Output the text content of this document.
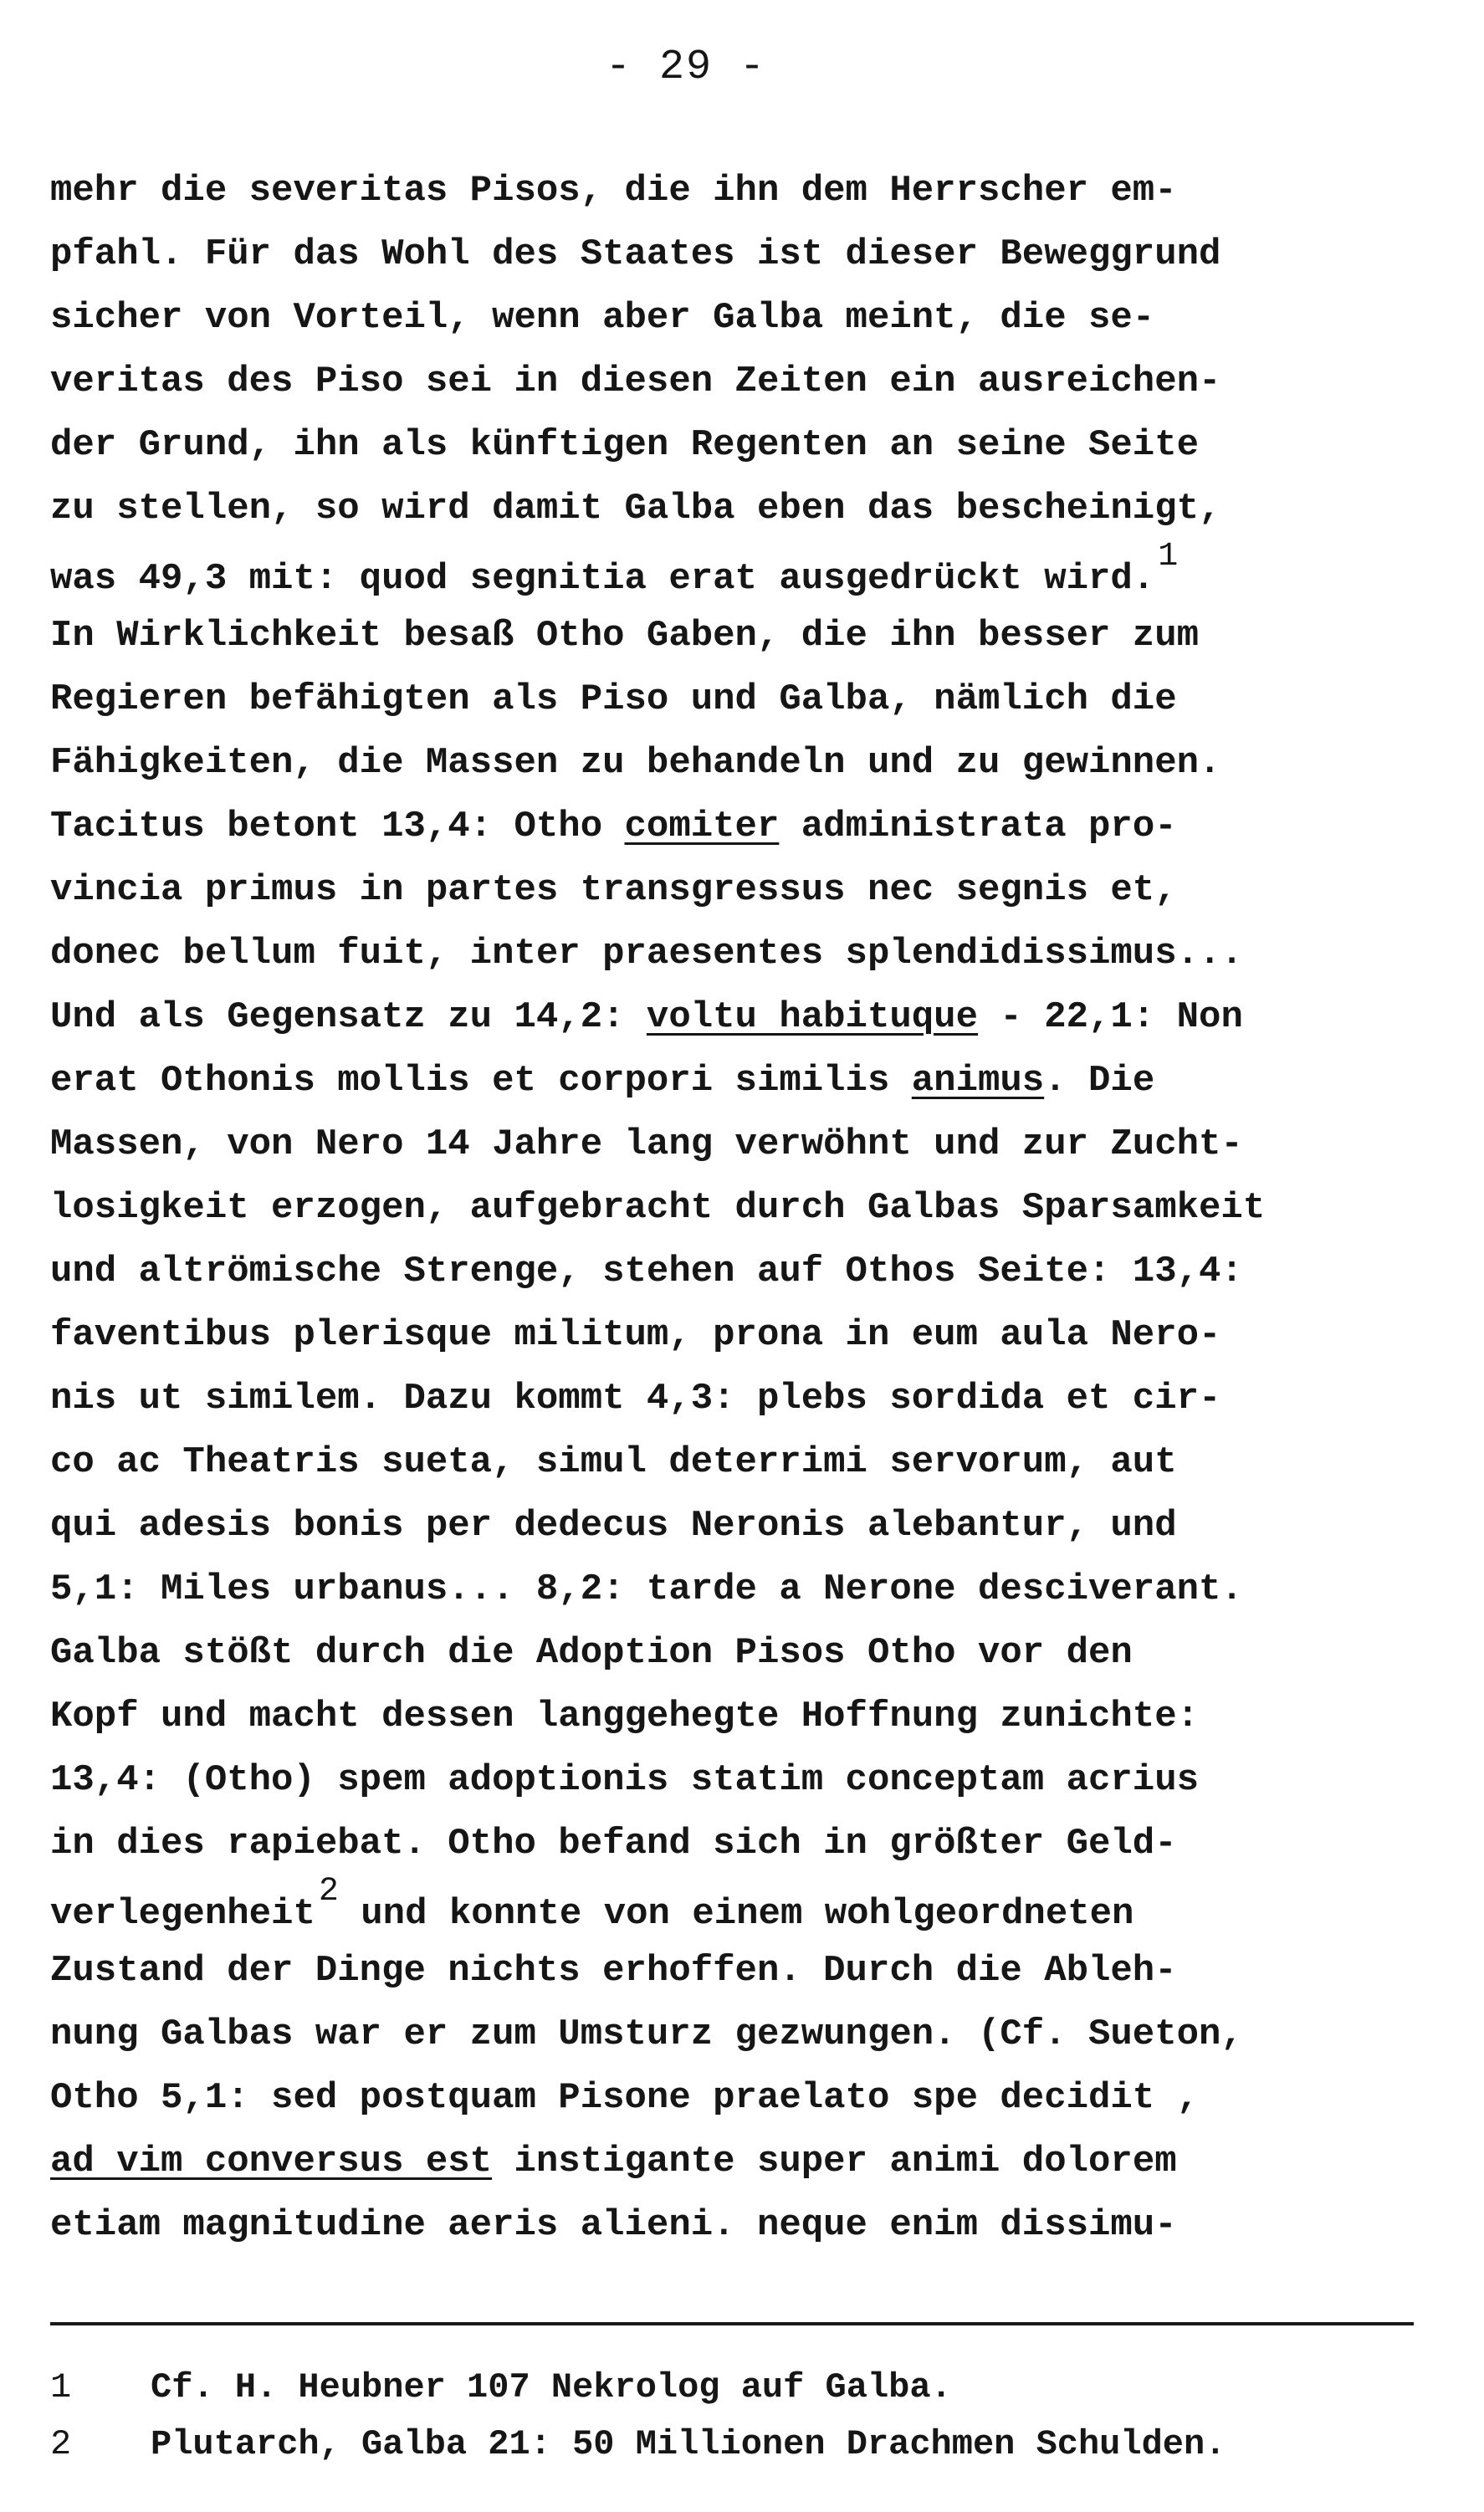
- 29 -
mehr die severitas Pisos, die ihn dem Herrscher em-
pfahl. Für das Wohl des Staates ist dieser Beweggrund
sicher von Vorteil, wenn aber Galba meint, die se-
veritas des Piso sei in diesen Zeiten ein ausreichen-
der Grund, ihn als künftigen Regenten an seine Seite
zu stellen, so wird damit Galba eben das bescheinigt,
was 49,3 mit: quod segnitia erat ausgedrückt wird.1
In Wirklichkeit besaß Otho Gaben, die ihn besser zum
Regieren befähigten als Piso und Galba, nämlich die
Fähigkeiten, die Massen zu behandeln und zu gewinnen.
Tacitus betont 13,4: Otho comiter administrata pro-
vincia primus in partes transgressus nec segnis et,
donec bellum fuit, inter praesentes splendidissimus...
Und als Gegensatz zu 14,2: voltu habituque - 22,1: Non
erat Othonis mollis et corpori similis animus. Die
Massen, von Nero 14 Jahre lang verwöhnt und zur Zucht-
losigkeit erzogen, aufgebracht durch Galbas Sparsamkeit
und altrömische Strenge, stehen auf Othos Seite: 13,4:
faventibus plerisque militum, prona in eum aula Nero-
nis ut similem. Dazu kommt 4,3: plebs sordida et cir-
co ac Theatris sueta, simul deterrimi servorum, aut
qui adesis bonis per dedecus Neronis alebantur, und
5,1: Miles urbanus... 8,2: tarde a Nerone desciverant.
Galba stößt durch die Adoption Pisos Otho vor den
Kopf und macht dessen langgehegte Hoffnung zunichte:
13,4: (Otho) spem adoptionis statim conceptam acrius
in dies rapiebat. Otho befand sich in größter Geld-
verlegenheit2 und konnte von einem wohlgeordneten
Zustand der Dinge nichts erhoffen. Durch die Ableh-
nung Galbas war er zum Umsturz gezwungen. (Cf. Sueton,
Otho 5,1: sed postquam Pisone praelato spe decidit ,
ad vim conversus est instigante super animi dolorem
etiam magnitudine aeris alieni. neque enim dissimu-
1	Cf. H. Heubner 107 Nekrolog auf Galba.
2	Plutarch, Galba 21: 50 Millionen Drachmen Schulden.
